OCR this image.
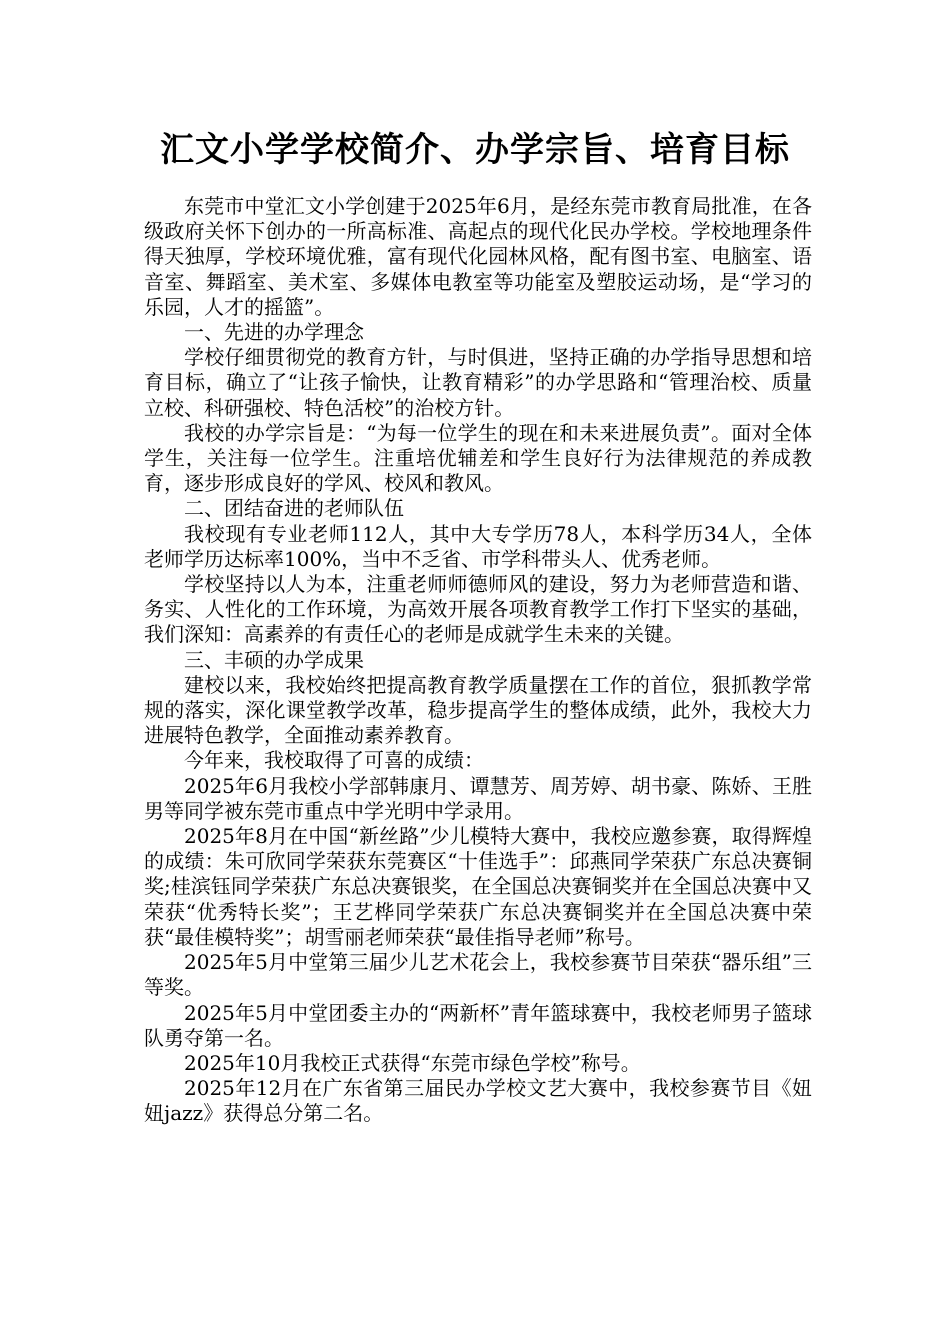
汇文小学学校简介、办学宗旨、培育目标

东莞市中堂汇文小学创建于2025年6月，是经东莞市教育局批准，在各级政府关怀下创办的一所高标准、高起点的现代化民办学校。学校地理条件得天独厚，学校环境优雅，富有现代化园林风格，配有图书室、电脑室、语音室、舞蹈室、美术室、多媒体电教室等功能室及塑胶运动场，是“学习的乐园，人才的摇篮”。

一、先进的办学理念

学校仔细贯彻党的教育方针，与时俱进，坚持正确的办学指导思想和培育目标，确立了“让孩子愉快，让教育精彩”的办学思路和“管理治校、质量立校、科研强校、特色活校”的治校方针。

我校的办学宗旨是：“为每一位学生的现在和未来进展负责”。面对全体学生，关注每一位学生。注重培优辅差和学生良好行为法律规范的养成教育，逐步形成良好的学风、校风和教风。

二、团结奋进的老师队伍

我校现有专业老师112人，其中大专学历78人，本科学历34人，全体老师学历达标率100%，当中不乏省、市学科带头人、优秀老师。

学校坚持以人为本，注重老师师德师风的建设，努力为老师营造和谐、务实、人性化的工作环境，为高效开展各项教育教学工作打下坚实的基础，我们深知：高素养的有责任心的老师是成就学生未来的关键。

三、丰硕的办学成果

建校以来，我校始终把提高教育教学质量摆在工作的首位，狠抓教学常规的落实，深化课堂教学改革，稳步提高学生的整体成绩，此外，我校大力进展特色教学，全面推动素养教育。

今年来，我校取得了可喜的成绩：

2025年6月我校小学部韩康月、谭慧芳、周芳婷、胡书豪、陈娇、王胜男等同学被东莞市重点中学光明中学录用。

2025年8月在中国“新丝路”少儿模特大赛中，我校应邀参赛，取得辉煌的成绩：朱可欣同学荣获东莞赛区“十佳选手”：邱燕同学荣获广东总决赛铜奖;桂滨钰同学荣获广东总决赛银奖，在全国总决赛铜奖并在全国总决赛中又荣获“优秀特长奖”；王艺桦同学荣获广东总决赛铜奖并在全国总决赛中荣获“最佳模特奖”；胡雪丽老师荣获“最佳指导老师”称号。

2025年5月中堂第三届少儿艺术花会上，我校参赛节目荣获“器乐组”三等奖。

2025年5月中堂团委主办的“两新杯”青年篮球赛中，我校老师男子篮球队勇夺第一名。

2025年10月我校正式获得“东莞市绿色学校”称号。

2025年12月在广东省第三届民办学校文艺大赛中，我校参赛节目《妞妞jazz》获得总分第二名。
